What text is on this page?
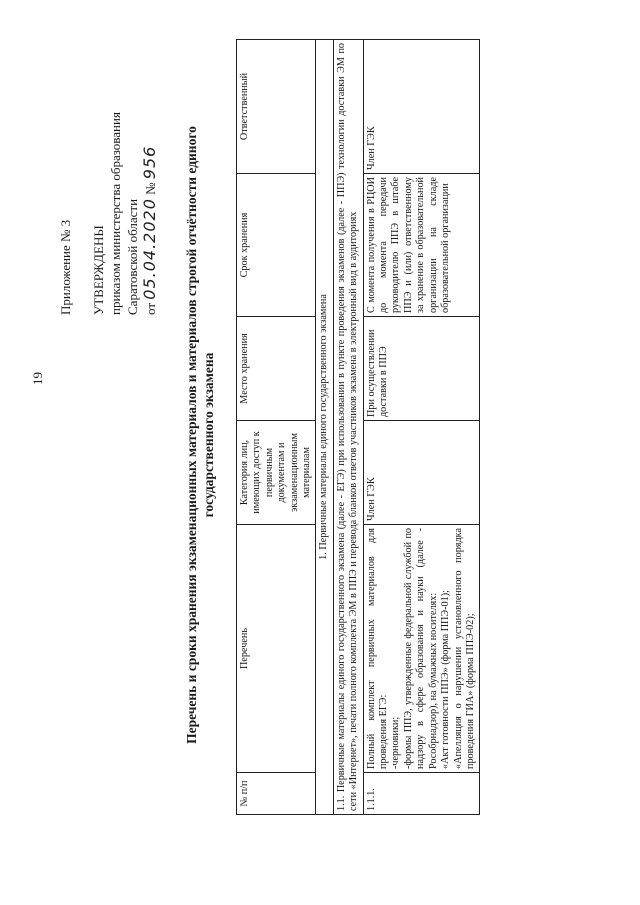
19
Приложение № 3 УТВЕРЖДЕНЫ приказом министерства образования Саратовской области от 05.04.2020 № 956 Перечень и сроки хранения экзаменационных материалов и материалов строгой отчётности единого государственного экзамена
№ п/п	Перечень	Категория лиц, имеющих доступ к первичным документам и экзаменационным материалам	Место хранения	Срок хранения	Ответственный
1. Первичные материалы единого государственного экзамена					
1.1. Первичные материалы единого государственного экзамена (далее - ЕГЭ) при использовании в пункте проведения экзаменов (далее - ППЭ) технологии доставки ЭМ по сети «Интернет», печати полного комплекта ЭМ в ППЭ и перевода бланков ответов участников экзамена в электронный вид в аудиториях					
1.1.1.	Полный комплект первичных материалов для проведения ЕГЭ:
-черновики;
-формы ППЭ, утвержденные федеральной службой по надзору в сфере образования и науки (далее - Рособрнадзор), на бумажных носителях:
«Акт готовности ППЭ» (форма ППЭ-01);
«Апелляция о нарушении установленного порядка проведения ГИА» (форма ППЭ-02);	Член ГЭК	При осуществлении доставки в ППЭ	С момента получения в РЦОИ до момента передачи руководителю ППЭ в штабе ППЭ и (или) ответственному за хранение в образовательной организации на складе образовательной организации	Член ГЭК
